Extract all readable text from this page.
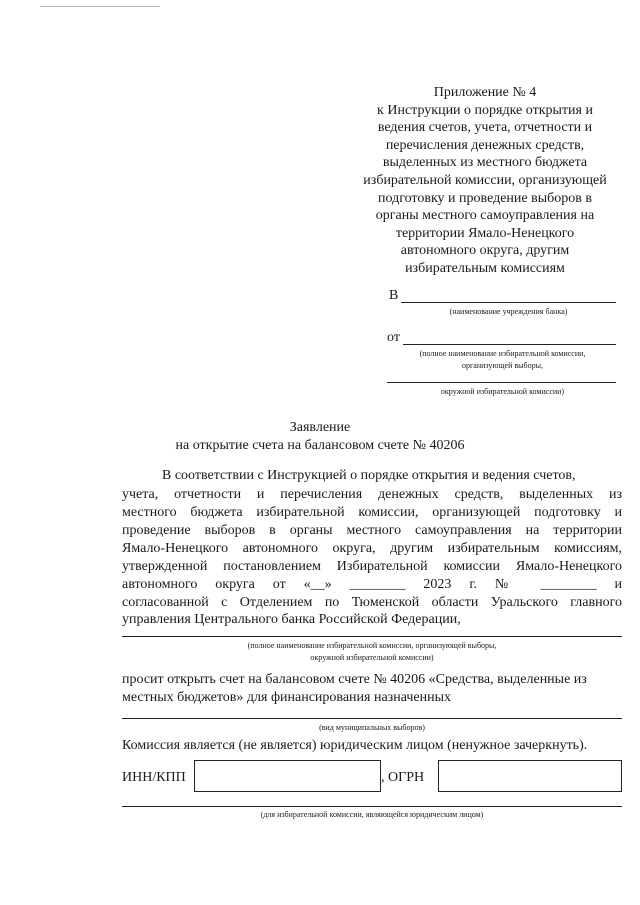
Приложение № 4
к Инструкции о порядке открытия и
ведения счетов, учета, отчетности и
перечисления денежных средств,
выделенных из местного бюджета
избирательной комиссии, организующей
подготовку и проведение выборов в
органы местного самоуправления на
территории Ямало-Ненецкого
автономного округа, другим
избирательным комиссиям
В
(наименование учреждения банка)
от
(полное наименование избирательной комиссии,
организующей выборы,
окружной избирательной комиссии)
Заявление
на открытие счета на балансовом счете № 40206
В соответствии с Инструкцией о порядке открытия и ведения счетов,
учета, отчетности и перечисления денежных средств, выделенных из
местного бюджета избирательной комиссии, организующей подготовку и
проведение выборов в органы местного самоуправления на территории
Ямало-Ненецкого автономного округа, другим избирательным комиссиям,
утвержденной постановлением Избирательной комиссии Ямало-Ненецкого
автономного округа от «__» ________ 2023 г. № ________ и
согласованной с Отделением по Тюменской области Уральского главного
управления Центрального банка Российской Федерации,
(полное наименование избирательной комиссии, организующей выборы,
окружной избирательной комиссии)
просит открыть счет на балансовом счете № 40206 «Средства, выделенные из
местных бюджетов» для финансирования назначенных
(вид муниципальных выборов)
Комиссия является (не является) юридическим лицом (ненужное зачеркнуть).
ИНН/КПП	, ОГРН
(для избирательной комиссии, являющейся юридическим лицом)
